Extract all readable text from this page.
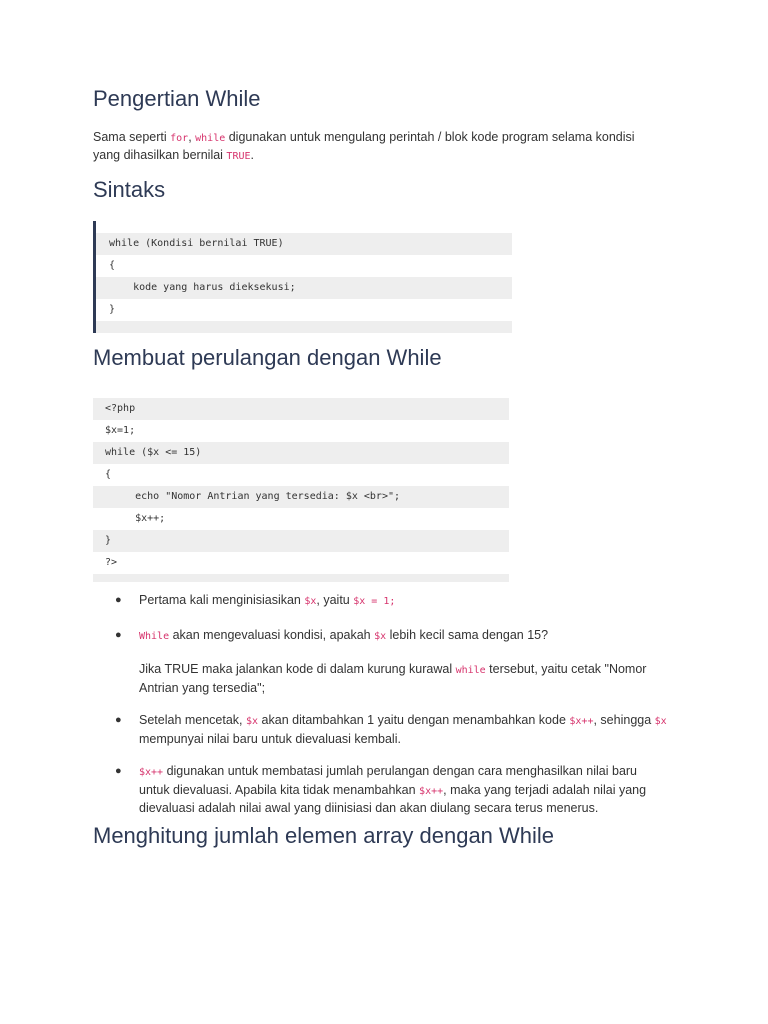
Pengertian While
Sama seperti for, while digunakan untuk mengulang perintah / blok kode program selama kondisi yang dihasilkan bernilai TRUE.
Sintaks
while (Kondisi bernilai TRUE)
{
kode yang harus dieksekusi;
}
Membuat perulangan dengan While
<?php
$x=1;
while ($x <= 15)
{
echo "Nomor Antrian yang tersedia: $x <br>";
$x++;
}
?>
● Pertama kali menginisiasikan $x, yaitu $x = 1;
● While akan mengevaluasi kondisi, apakah $x lebih kecil sama dengan 15?
Jika TRUE maka jalankan kode di dalam kurung kurawal while tersebut, yaitu cetak "Nomor Antrian yang tersedia";
● Setelah mencetak, $x akan ditambahkan 1 yaitu dengan menambahkan kode $x++, sehingga $x mempunyai nilai baru untuk dievaluasi kembali.
● $x++ digunakan untuk membatasi jumlah perulangan dengan cara menghasilkan nilai baru untuk dievaluasi. Apabila kita tidak menambahkan $x++, maka yang terjadi adalah nilai yang dievaluasi adalah nilai awal yang diinisiasi dan akan diulang secara terus menerus.
Menghitung jumlah elemen array dengan While
